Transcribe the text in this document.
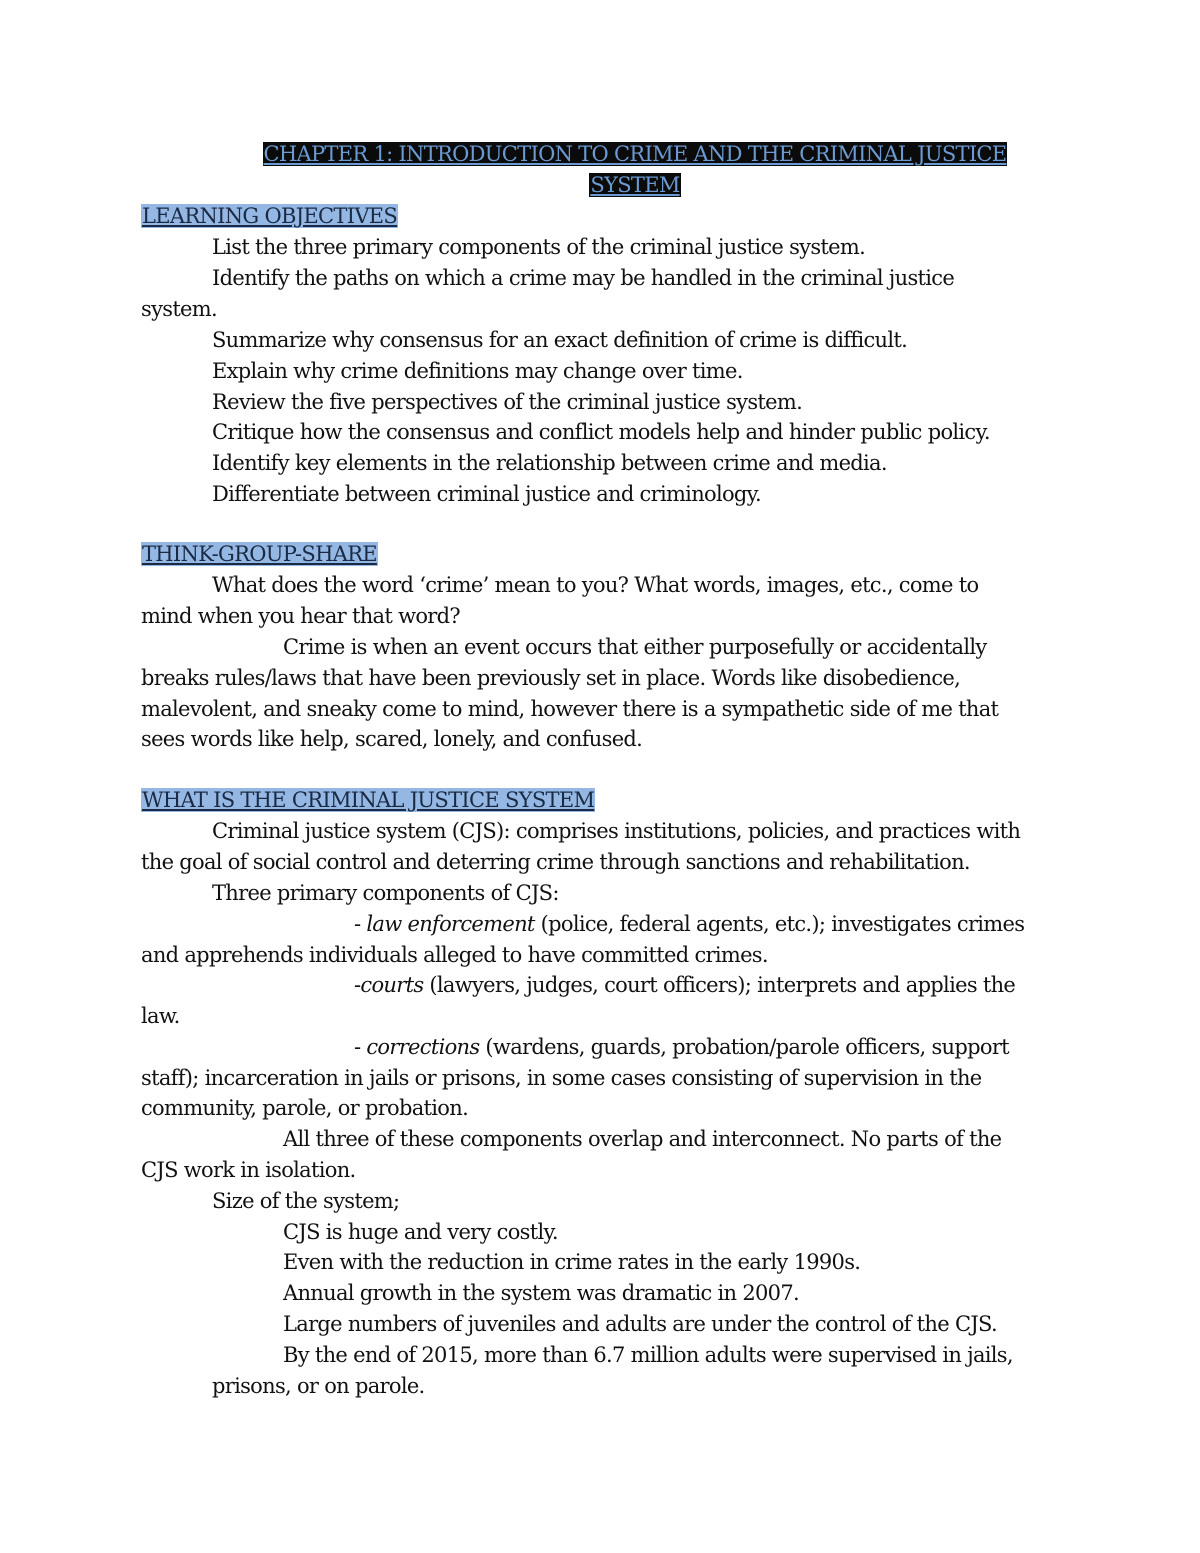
CHAPTER 1: INTRODUCTION TO CRIME AND THE CRIMINAL JUSTICE
SYSTEM
LEARNING OBJECTIVES
List the three primary components of the criminal justice system.
Identify the paths on which a crime may be handled in the criminal justice
system.
Summarize why consensus for an exact definition of crime is difficult.
Explain why crime definitions may change over time.
Review the five perspectives of the criminal justice system.
Critique how the consensus and conflict models help and hinder public policy.
Identify key elements in the relationship between crime and media.
Differentiate between criminal justice and criminology.
THINK-GROUP-SHARE
What does the word ‘crime’ mean to you? What words, images, etc., come to
mind when you hear that word?
Crime is when an event occurs that either purposefully or accidentally
breaks rules/laws that have been previously set in place. Words like disobedience,
malevolent, and sneaky come to mind, however there is a sympathetic side of me that
sees words like help, scared, lonely, and confused.
WHAT IS THE CRIMINAL JUSTICE SYSTEM
Criminal justice system (CJS): comprises institutions, policies, and practices with
the goal of social control and deterring crime through sanctions and rehabilitation.
Three primary components of CJS:
- law enforcement (police, federal agents, etc.); investigates crimes
and apprehends individuals alleged to have committed crimes.
-courts (lawyers, judges, court officers); interprets and applies the
law.
- corrections (wardens, guards, probation/parole officers, support
staff); incarceration in jails or prisons, in some cases consisting of supervision in the
community, parole, or probation.
All three of these components overlap and interconnect. No parts of the
CJS work in isolation.
Size of the system;
CJS is huge and very costly.
Even with the reduction in crime rates in the early 1990s.
Annual growth in the system was dramatic in 2007.
Large numbers of juveniles and adults are under the control of the CJS.
By the end of 2015, more than 6.7 million adults were supervised in jails,
prisons, or on parole.
